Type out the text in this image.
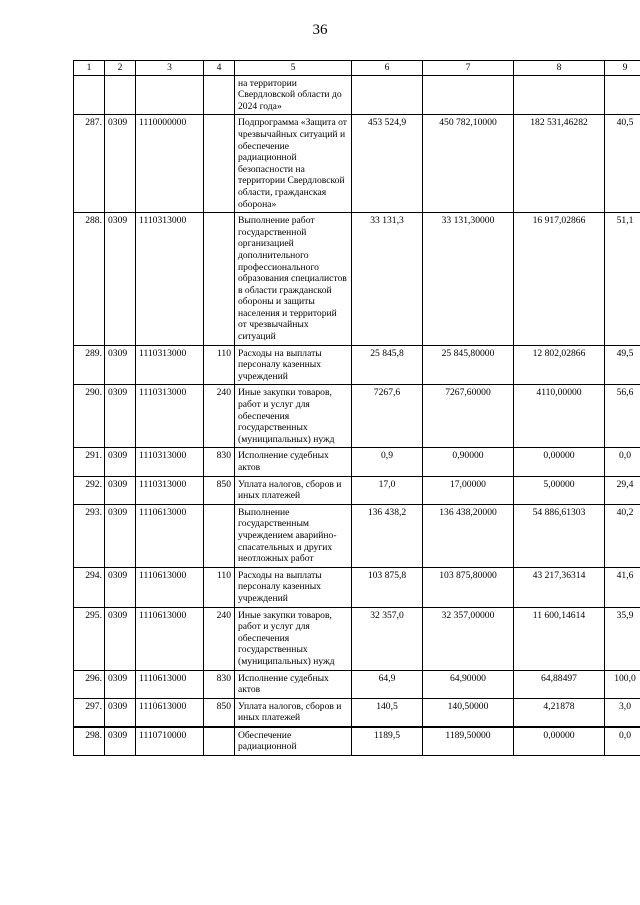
36
1	2	3	4	5	6	7	8	9
				на территории Свердловской области до 2024 года»				
287.	0309	1110000000		Подпрограмма «Защита от чрезвычайных ситуаций и обеспечение радиационной безопасности на территории Свердловской области, гражданская оборона»	453 524,9	450 782,10000	182 531,46282	40,5
288.	0309	1110313000		Выполнение работ государственной организацией дополнительного профессионального образования специалистов в области гражданской обороны и защиты населения и территорий от чрезвычайных ситуаций	33 131,3	33 131,30000	16 917,02866	51,1
289.	0309	1110313000	110	Расходы на выплаты персоналу казенных учреждений	25 845,8	25 845,80000	12 802,02866	49,5
290.	0309	1110313000	240	Иные закупки товаров, работ и услуг для обеспечения государственных (муниципальных) нужд	7267,6	7267,60000	4110,00000	56,6
291.	0309	1110313000	830	Исполнение судебных актов	0,9	0,90000	0,00000	0,0
292.	0309	1110313000	850	Уплата налогов, сборов и иных платежей	17,0	17,00000	5,00000	29,4
293.	0309	1110613000		Выполнение государственным учреждением аварийно-спасательных и других неотложных работ	136 438,2	136 438,20000	54 886,61303	40,2
294.	0309	1110613000	110	Расходы на выплаты персоналу казенных учреждений	103 875,8	103 875,80000	43 217,36314	41,6
295.	0309	1110613000	240	Иные закупки товаров, работ и услуг для обеспечения государственных (муниципальных) нужд	32 357,0	32 357,00000	11 600,14614	35,9
296.	0309	1110613000	830	Исполнение судебных актов	64,9	64,90000	64,88497	100,0
297.	0309	1110613000	850	Уплата налогов, сборов и иных платежей	140,5	140,50000	4,21878	3,0
298.	0309	1110710000		Обеспечение радиационной	1189,5	1189,50000	0,00000	0,0
